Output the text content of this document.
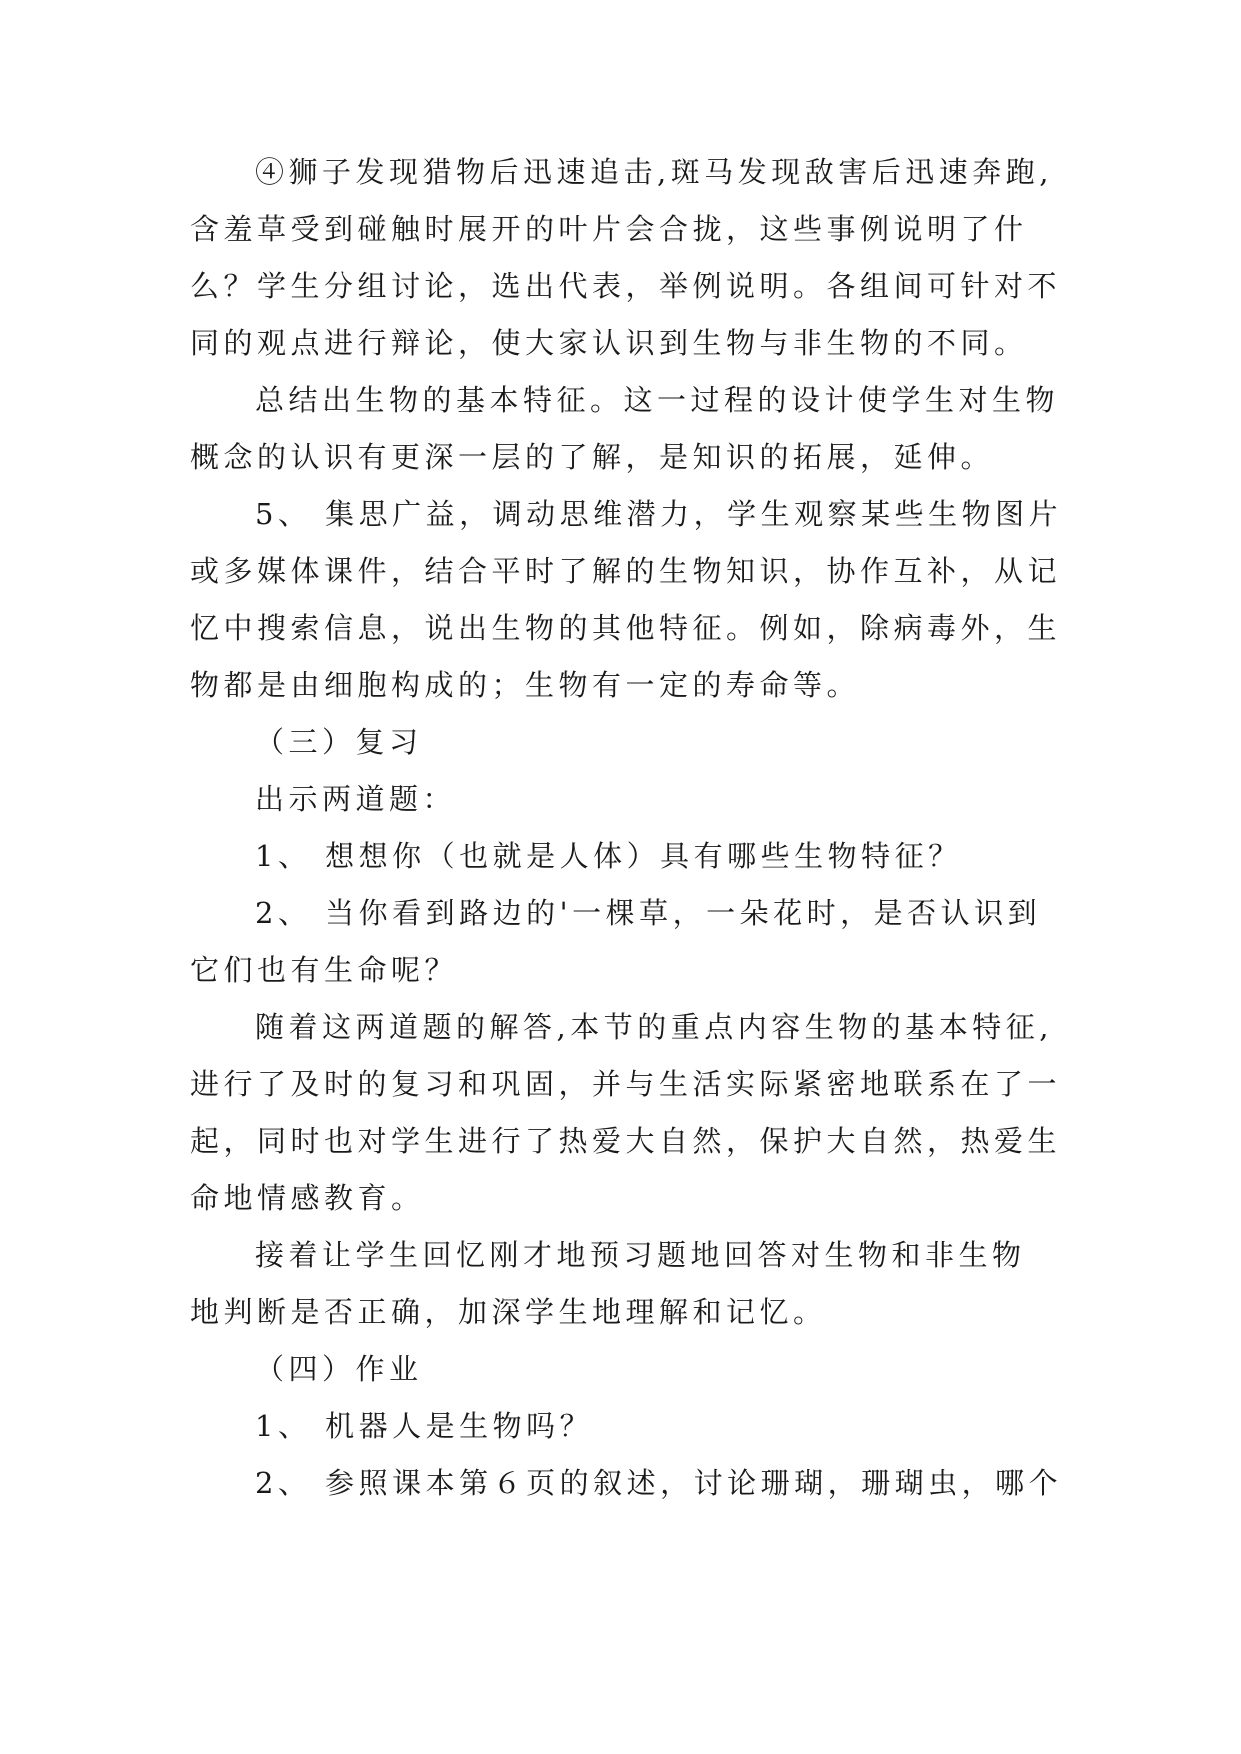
④狮子发现猎物后迅速追击,斑马发现敌害后迅速奔跑,
含羞草受到碰触时展开的叶片会合拢，这些事例说明了什
么？学生分组讨论，选出代表，举例说明。各组间可针对不
同的观点进行辩论，使大家认识到生物与非生物的不同。
总结出生物的基本特征。这一过程的设计使学生对生物
概念的认识有更深一层的了解，是知识的拓展，延伸。
5、 集思广益，调动思维潜力，学生观察某些生物图片
或多媒体课件，结合平时了解的生物知识，协作互补，从记
忆中搜索信息，说出生物的其他特征。例如，除病毒外，生
物都是由细胞构成的；生物有一定的寿命等。
（三）复习
出示两道题：
1、 想想你（也就是人体）具有哪些生物特征？
2、 当你看到路边的'一棵草，一朵花时，是否认识到
它们也有生命呢？
随着这两道题的解答,本节的重点内容生物的基本特征,
进行了及时的复习和巩固，并与生活实际紧密地联系在了一
起，同时也对学生进行了热爱大自然，保护大自然，热爱生
命地情感教育。
接着让学生回忆刚才地预习题地回答对生物和非生物
地判断是否正确，加深学生地理解和记忆。
（四）作业
1、 机器人是生物吗？
2、 参照课本第６页的叙述，讨论珊瑚，珊瑚虫，哪个
